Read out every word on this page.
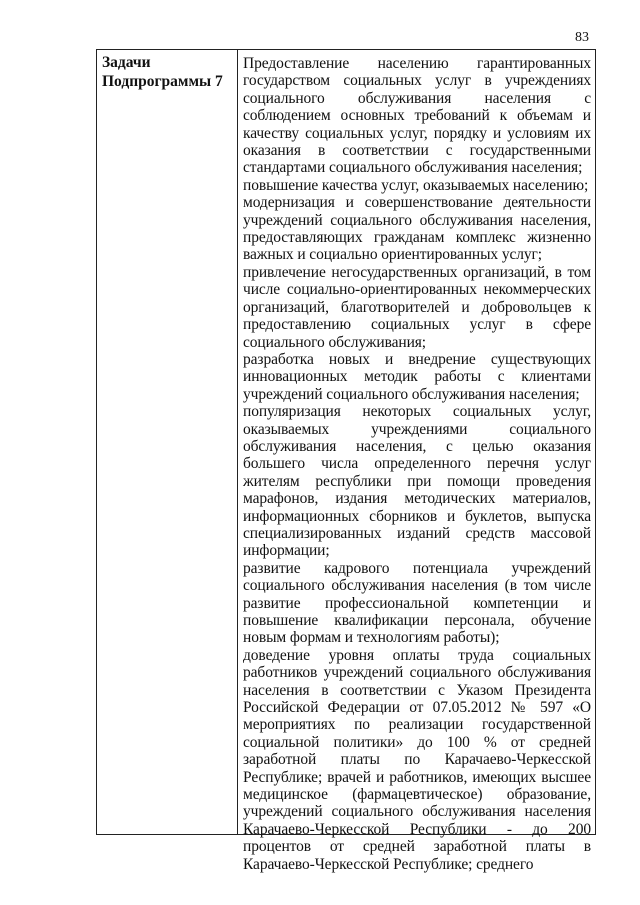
83
Задачи
Подпрограммы 7

Предоставление населению гарантированных государством социальных услуг в учреждениях социального обслуживания населения с соблюдением основных требований к объемам и качеству социальных услуг, порядку и условиям их оказания в соответствии с государственными стандартами социального обслуживания населения;

повышение качества услуг, оказываемых населению;

модернизация и совершенствование деятельности учреждений социального обслуживания населения, предоставляющих гражданам комплекс жизненно важных и социально ориентированных услуг;

привлечение негосударственных организаций, в том числе социально-ориентированных некоммерческих организаций, благотворителей и добровольцев к предоставлению социальных услуг в сфере социального обслуживания;

разработка новых и внедрение существующих инновационных методик работы с клиентами учреждений социального обслуживания населения;

популяризация некоторых социальных услуг, оказываемых учреждениями социального обслуживания населения, с целью оказания большего числа определенного перечня услуг жителям республики при помощи проведения марафонов, издания методических материалов, информационных сборников и буклетов, выпуска специализированных изданий средств массовой информации;

развитие кадрового потенциала учреждений социального обслуживания населения (в том числе развитие профессиональной компетенции и повышение квалификации персонала, обучение новым формам и технологиям работы);

доведение уровня оплаты труда социальных работников учреждений социального обслуживания населения в соответствии с Указом Президента Российской Федерации от 07.05.2012 № 597 «О мероприятиях по реализации государственной социальной политики» до 100 % от средней заработной платы по Карачаево-Черкесской Республике; врачей и работников, имеющих высшее медицинское (фармацевтическое) образование, учреждений социального обслуживания населения Карачаево-Черкесской Республики - до 200 процентов от средней заработной платы в Карачаево-Черкесской Республике; среднего
